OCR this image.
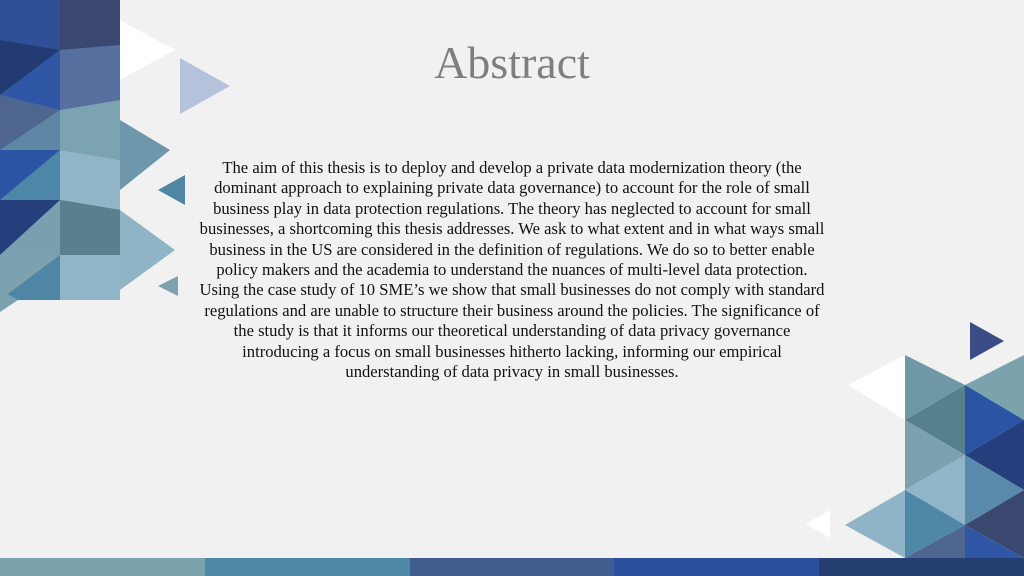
Abstract

The aim of this thesis is to deploy and develop a private data modernization theory (the dominant approach to explaining private data governance) to account for the role of small business play in data protection regulations. The theory has neglected to account for small businesses, a shortcoming this thesis addresses. We ask to what extent and in what ways small business in the US are considered in the definition of regulations. We do so to better enable policy makers and the academia to understand the nuances of multi-level data protection. Using the case study of 10 SME’s we show that small businesses do not comply with standard regulations and are unable to structure their business around the policies. The significance of the study is that it informs our theoretical understanding of data privacy governance introducing a focus on small businesses hitherto lacking, informing our empirical understanding of data privacy in small businesses.
